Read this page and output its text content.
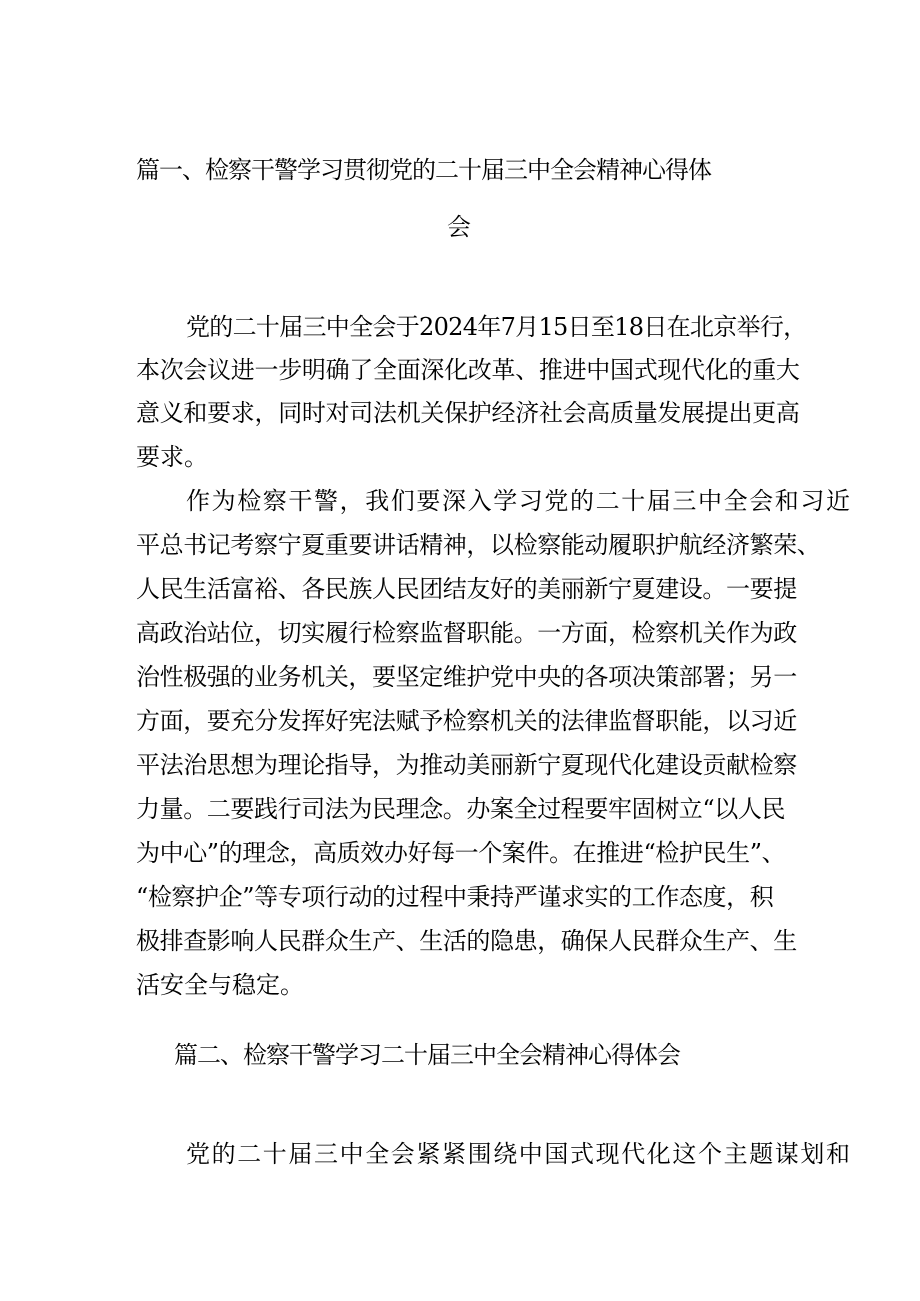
篇一、检察干警学习贯彻党的二十届三中全会精神心得体
会

党的二十届三中全会于2024年7月15日至18日在北京举行，

本次会议进一步明确了全面深化改革、推进中国式现代化的重大

意义和要求，同时对司法机关保护经济社会高质量发展提出更高

要求。

作为检察干警，我们要深入学习党的二十届三中全会和习近

平总书记考察宁夏重要讲话精神，以检察能动履职护航经济繁荣、

人民生活富裕、各民族人民团结友好的美丽新宁夏建设。一要提

高政治站位，切实履行检察监督职能。一方面，检察机关作为政

治性极强的业务机关，要坚定维护党中央的各项决策部署；另一

方面，要充分发挥好宪法赋予检察机关的法律监督职能，以习近

平法治思想为理论指导，为推动美丽新宁夏现代化建设贡献检察

力量。二要践行司法为民理念。办案全过程要牢固树立“以人民

为中心”的理念，高质效办好每一个案件。在推进“检护民生”、

“检察护企”等专项行动的过程中秉持严谨求实的工作态度，积

极排查影响人民群众生产、生活的隐患，确保人民群众生产、生

活安全与稳定。

篇二、检察干警学习二十届三中全会精神心得体会

党的二十届三中全会紧紧围绕中国式现代化这个主题谋划和
